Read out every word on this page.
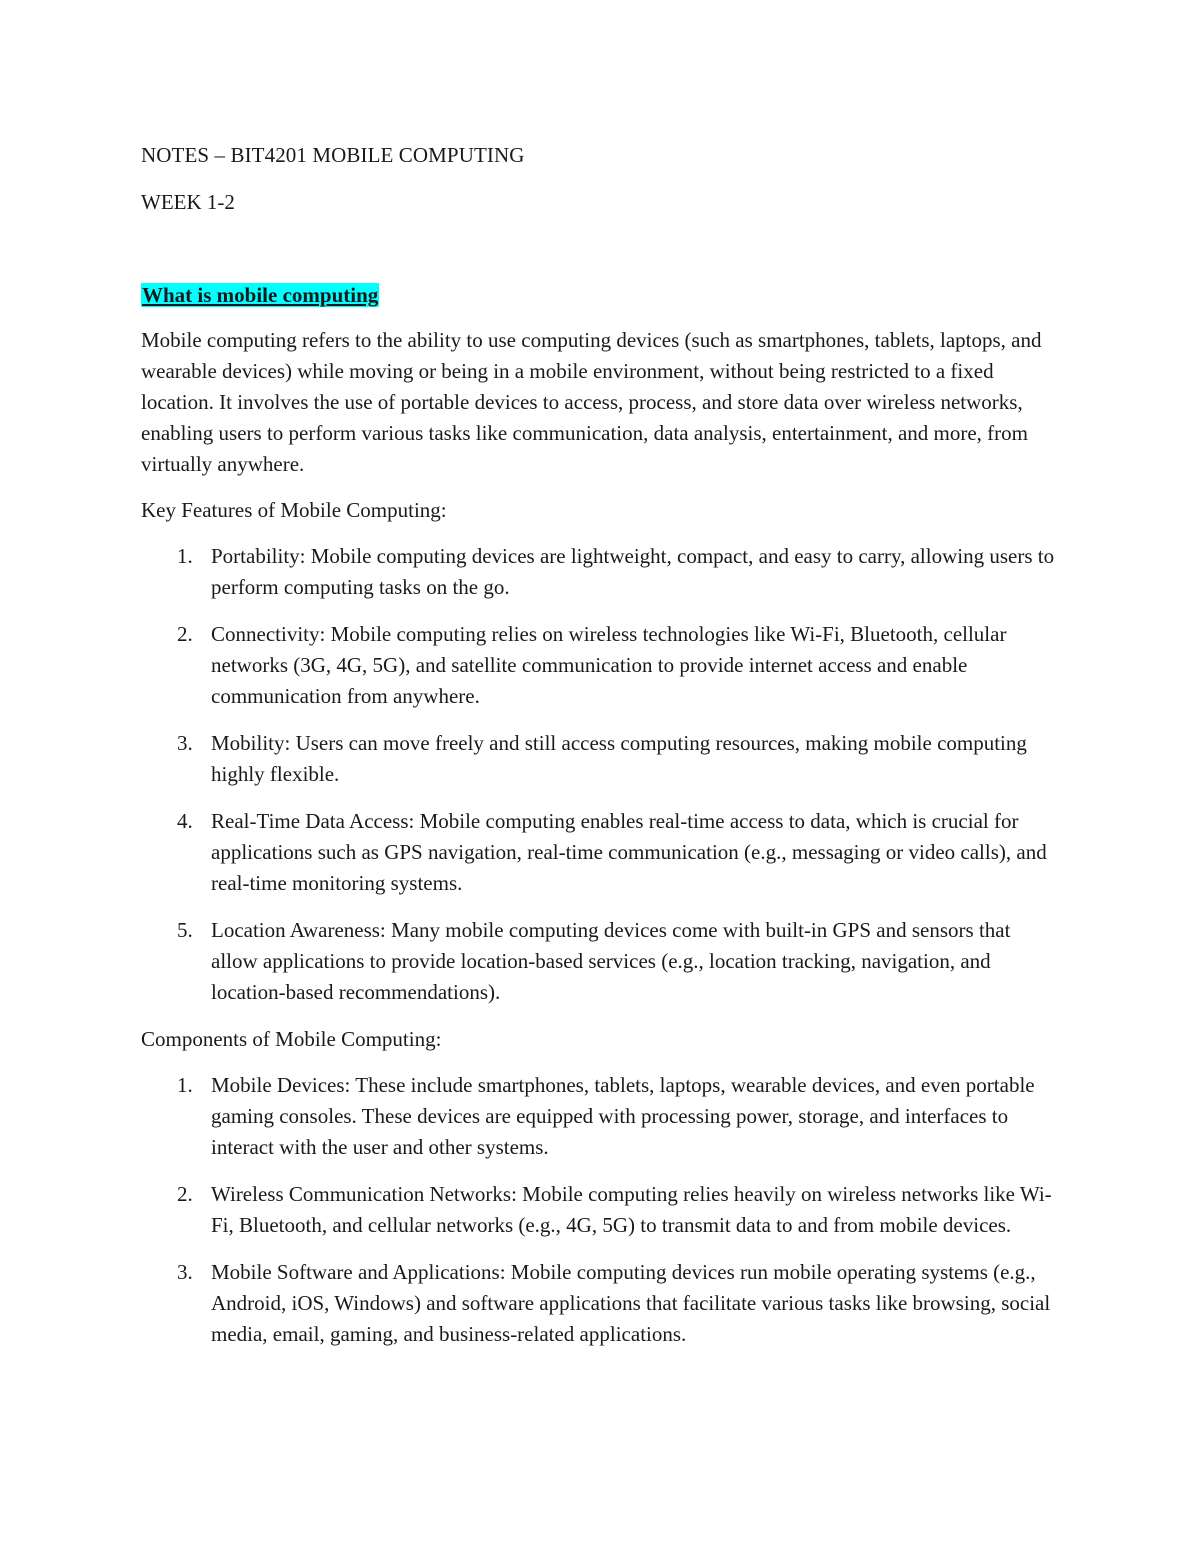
NOTES – BIT4201 MOBILE COMPUTING

WEEK 1-2

What is mobile computing

Mobile computing refers to the ability to use computing devices (such as smartphones, tablets, laptops, and wearable devices) while moving or being in a mobile environment, without being restricted to a fixed location. It involves the use of portable devices to access, process, and store data over wireless networks, enabling users to perform various tasks like communication, data analysis, entertainment, and more, from virtually anywhere.

Key Features of Mobile Computing:

1. Portability: Mobile computing devices are lightweight, compact, and easy to carry, allowing users to perform computing tasks on the go.
2. Connectivity: Mobile computing relies on wireless technologies like Wi-Fi, Bluetooth, cellular networks (3G, 4G, 5G), and satellite communication to provide internet access and enable communication from anywhere.
3. Mobility: Users can move freely and still access computing resources, making mobile computing highly flexible.
4. Real-Time Data Access: Mobile computing enables real-time access to data, which is crucial for applications such as GPS navigation, real-time communication (e.g., messaging or video calls), and real-time monitoring systems.
5. Location Awareness: Many mobile computing devices come with built-in GPS and sensors that allow applications to provide location-based services (e.g., location tracking, navigation, and location-based recommendations).

Components of Mobile Computing:

1. Mobile Devices: These include smartphones, tablets, laptops, wearable devices, and even portable gaming consoles. These devices are equipped with processing power, storage, and interfaces to interact with the user and other systems.
2. Wireless Communication Networks: Mobile computing relies heavily on wireless networks like Wi-Fi, Bluetooth, and cellular networks (e.g., 4G, 5G) to transmit data to and from mobile devices.
3. Mobile Software and Applications: Mobile computing devices run mobile operating systems (e.g., Android, iOS, Windows) and software applications that facilitate various tasks like browsing, social media, email, gaming, and business-related applications.
